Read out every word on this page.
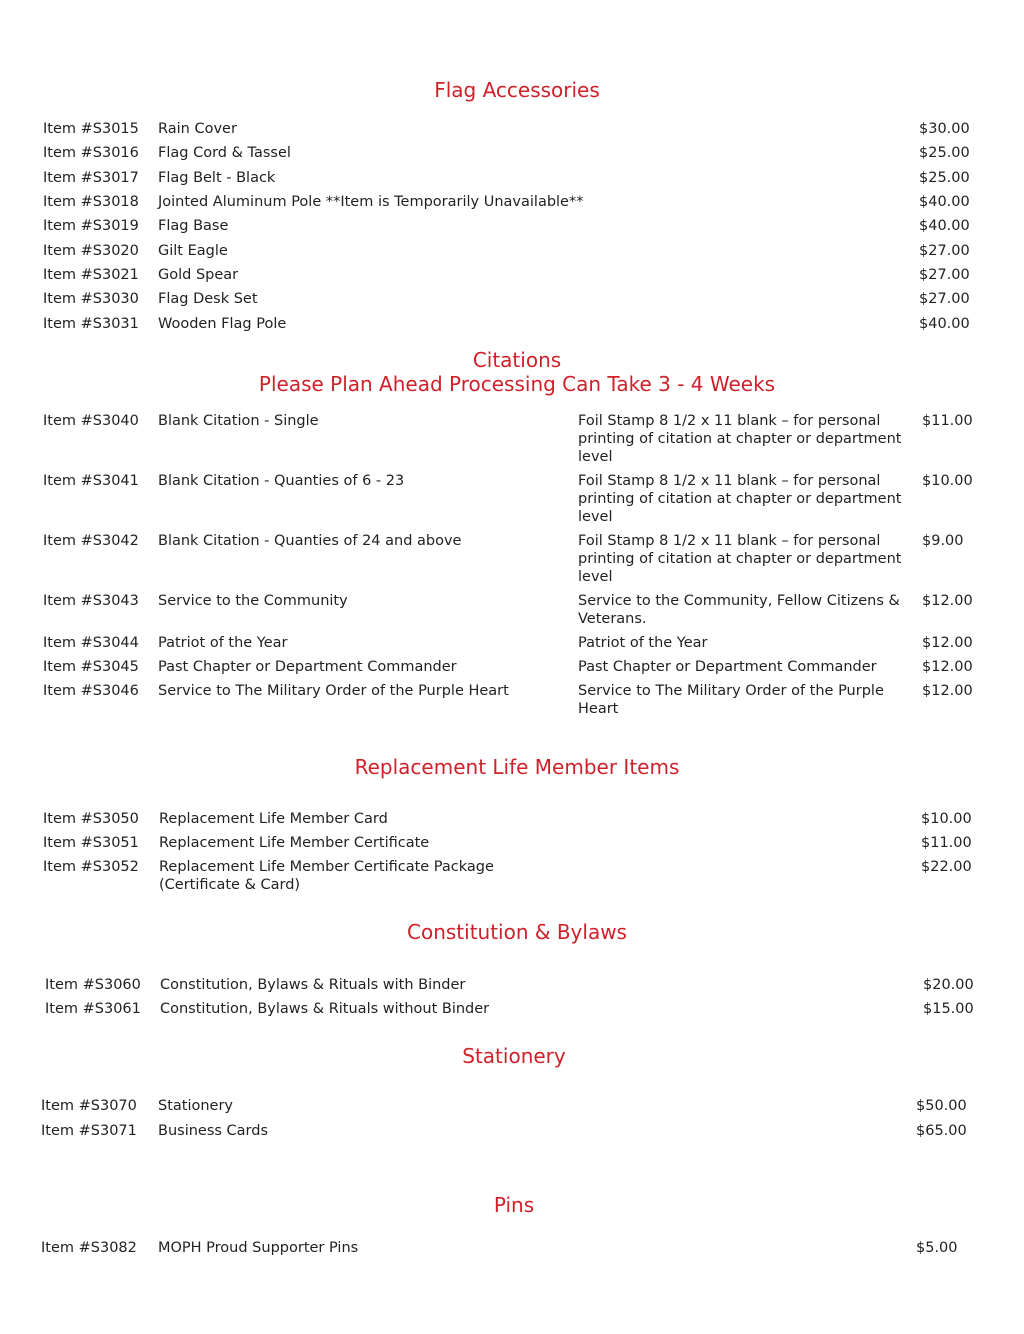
Flag Accessories
Item #S3015 Rain Cover	$30.00
Item #S3016 Flag Cord & Tassel	$25.00
Item #S3017 Flag Belt - Black	$25.00
Item #S3018 Jointed Aluminum Pole **Item is Temporarily Unavailable**	$40.00
Item #S3019 Flag Base	$40.00
Item #S3020 Gilt Eagle	$27.00
Item #S3021 Gold Spear	$27.00
Item #S3030 Flag Desk Set	$27.00
Item #S3031 Wooden Flag Pole	$40.00
Citations
Please Plan Ahead Processing Can Take 3 - 4 Weeks
Item #S3040 Blank Citation - Single	Foil Stamp 8 1/2 x 11 blank – for personal printing of citation at chapter or department level
$11.00
Item #S3041 Blank Citation - Quanties of 6 - 23	Foil Stamp 8 1/2 x 11 blank – for personal printing of citation at chapter or department level
$10.00
Item #S3042 Blank Citation - Quanties of 24 and above	Foil Stamp 8 1/2 x 11 blank – for personal printing of citation at chapter or department level
$9.00
Item #S3043 Service to the Community	Service to the Community, Fellow Citizens & Veterans.
$12.00
Item #S3044 Patriot of the Year	Patriot of the Year	$12.00
Item #S3045 Past Chapter or Department Commander	Past Chapter or Department Commander	$12.00
Item #S3046 Service to The Military Order of the Purple Heart	Service to The Military Order of the Purple Heart
$12.00
Replacement Life Member Items
Item #S3050 Replacement Life Member Card	$10.00
Item #S3051 Replacement Life Member Certificate	$11.00
Item #S3052 Replacement Life Member Certificate Package
(Certificate & Card)
$22.00
Constitution & Bylaws
Item #S3060 Constitution, Bylaws & Rituals with Binder	$20.00
Item #S3061 Constitution, Bylaws & Rituals without Binder	$15.00
Stationery
Item #S3070 Stationery	$50.00
Item #S3071 Business Cards	$65.00
Pins
Item #S3082 MOPH Proud Supporter Pins	$5.00
